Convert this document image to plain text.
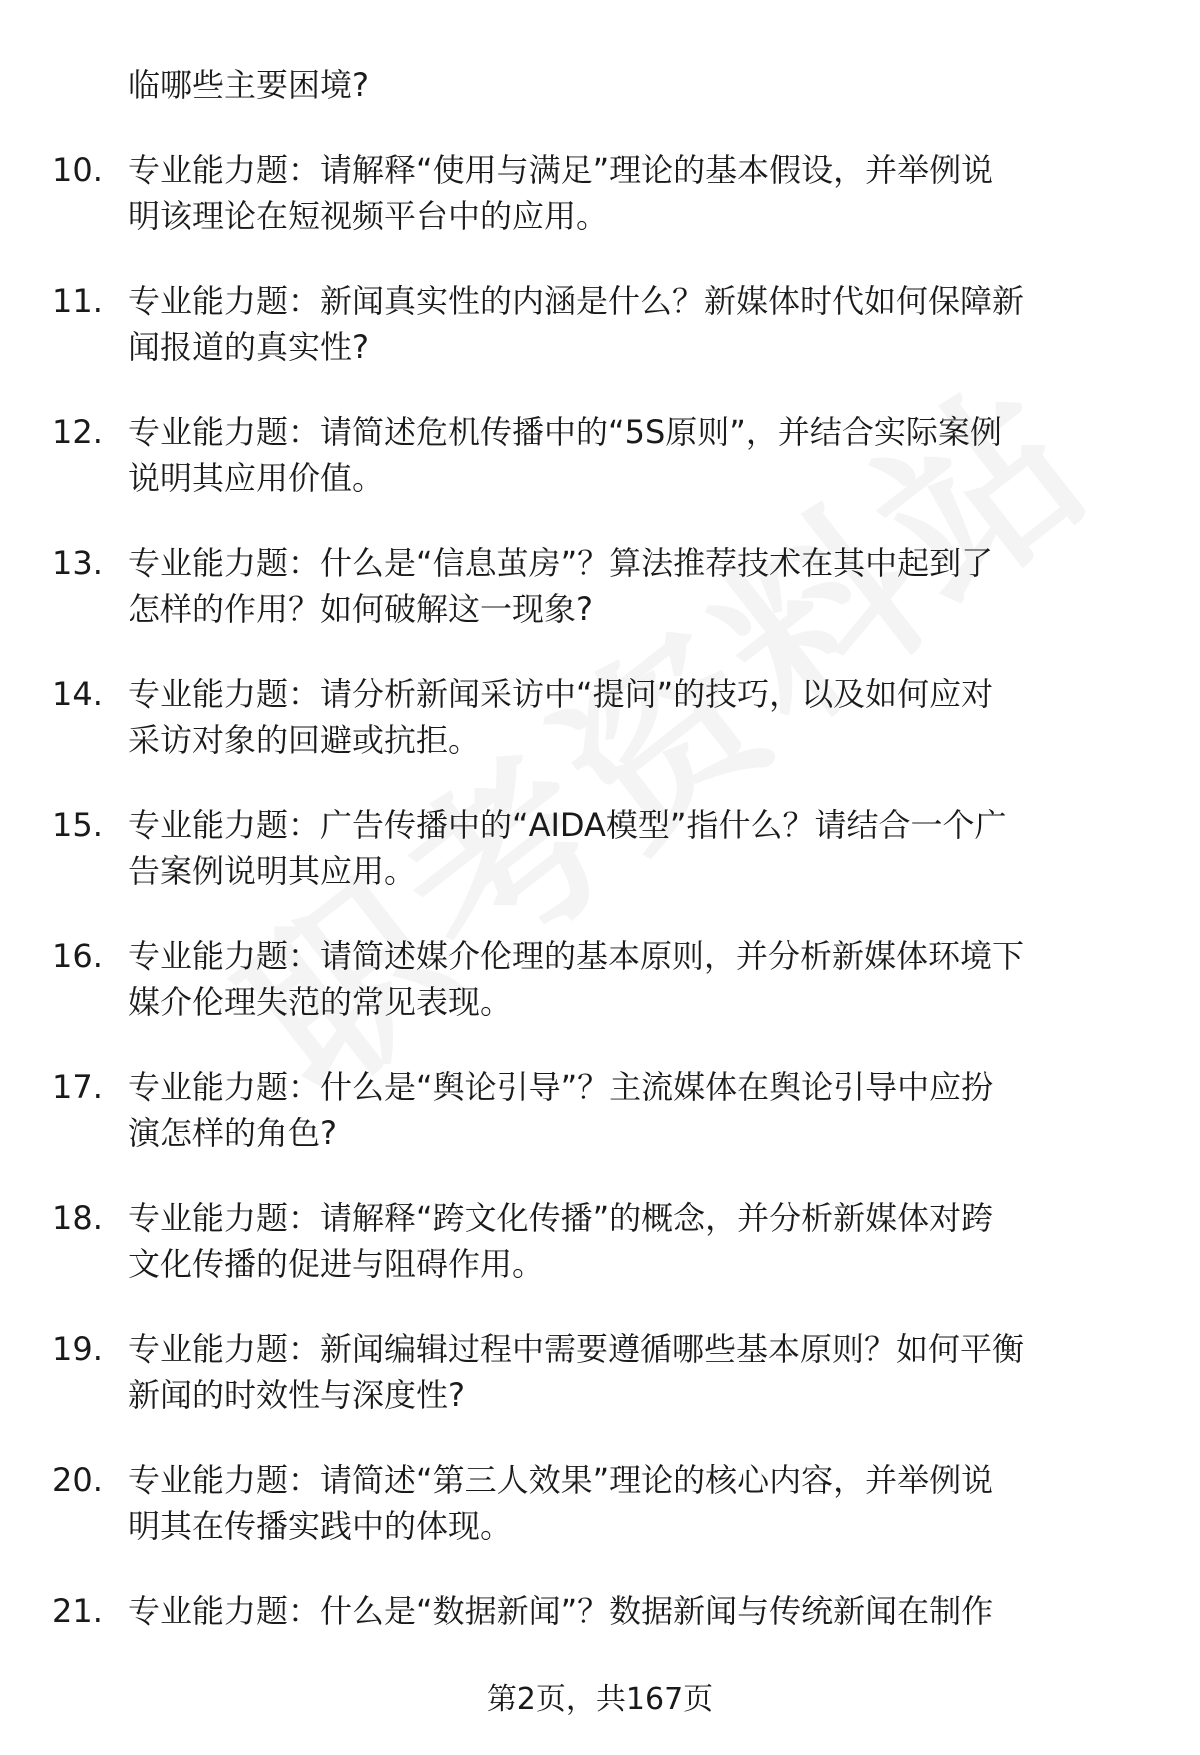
临哪些主要困境?
10. 专业能力题：请解释“使用与满足”理论的基本假设，并举例说
明该理论在短视频平台中的应用。
11. 专业能力题：新闻真实性的内涵是什么？新媒体时代如何保障新
闻报道的真实性?
12. 专业能力题：请简述危机传播中的“5S原则”，并结合实际案例
说明其应用价值。
13. 专业能力题：什么是“信息茧房”？算法推荐技术在其中起到了
怎样的作用？如何破解这一现象?
14. 专业能力题：请分析新闻采访中“提问”的技巧，以及如何应对
采访对象的回避或抗拒。
15. 专业能力题：广告传播中的“AIDA模型”指什么？请结合一个广
告案例说明其应用。
16. 专业能力题：请简述媒介伦理的基本原则，并分析新媒体环境下
媒介伦理失范的常见表现。
17. 专业能力题：什么是“舆论引导”？主流媒体在舆论引导中应扮
演怎样的角色?
18. 专业能力题：请解释“跨文化传播”的概念，并分析新媒体对跨
文化传播的促进与阻碍作用。
19. 专业能力题：新闻编辑过程中需要遵循哪些基本原则？如何平衡
新闻的时效性与深度性?
20. 专业能力题：请简述“第三人效果”理论的核心内容，并举例说
明其在传播实践中的体现。
21. 专业能力题：什么是“数据新闻”？数据新闻与传统新闻在制作
第2页，共167页
